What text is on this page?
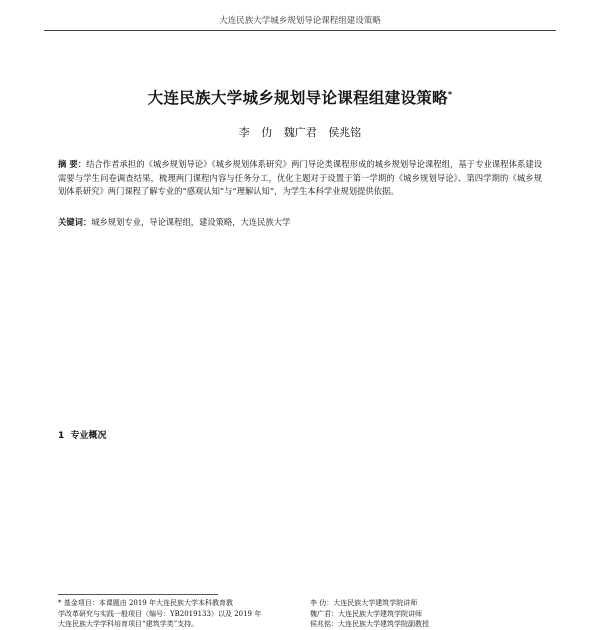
大连民族大学城乡规划导论课程组建设策略
大连民族大学城乡规划导论课程组建设策略*
李 仂 魏广君 侯兆铭
摘 要：结合作者承担的《城乡规划导论》《城乡规划体系研究》两门导论类课程形成的城乡规划导论课程组，基于专业课程体系建设需要与学生问卷调查结果，梳理两门课程内容与任务分工，优化主题对于设置于第一学期的《城乡规划导论》、第四学期的《城乡规划体系研究》两门课程了解专业的“感观认知”与“理解认知”，为学生本科学业规划提供依据。
关键词：城乡规划专业，导论课程组，建设策略，大连民族大学
1 专业概况
* 基金项目：本课题由 2019 年大连民族大学本科教育教
学改革研究与实践一般项目（编号：YB2019133）以及 2019 年
大连民族大学学科培育项目“建筑学类”支持。
李 仂：大连民族大学建筑学院讲师
魏广君：大连民族大学建筑学院讲师
侯兆铭：大连民族大学建筑学院副教授
